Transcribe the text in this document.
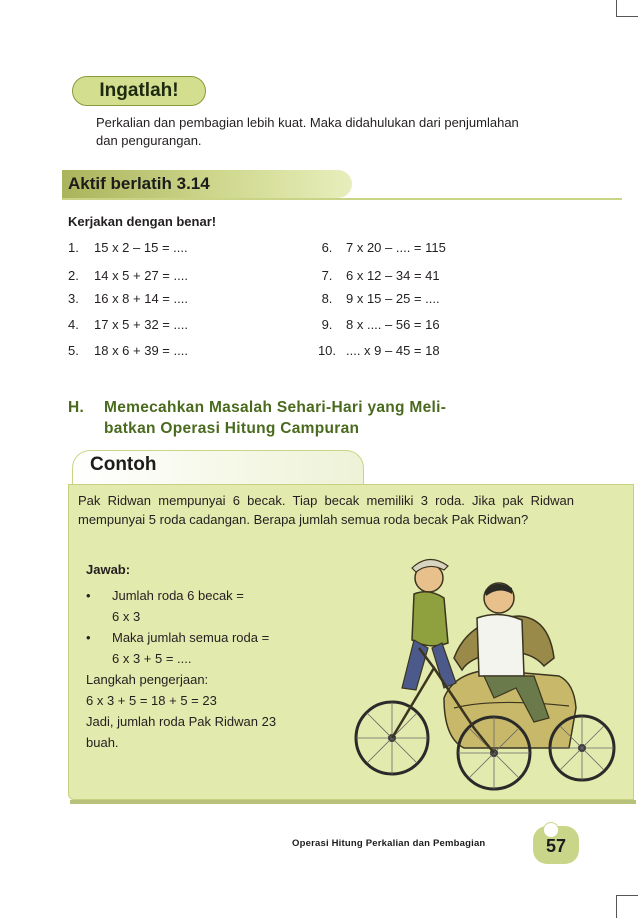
Ingatlah!
Perkalian dan pembagian lebih kuat. Maka didahulukan dari penjumlahan dan pengurangan.
Aktif berlatih 3.14
Kerjakan dengan benar!
1. 15 x 2 – 15 = ....
2. 14 x 5 + 27 = ....
3. 16 x 8 + 14 = ....
4. 17 x 5 + 32 = ....
5. 18 x 6 + 39 = ....
6. 7 x 20 – .... = 115
7. 6 x 12 – 34 = 41
8. 9 x 15 – 25 = ....
9. 8 x .... – 56 = 16
10. .... x 9 – 45 = 18
H. Memecahkan Masalah Sehari-Hari yang Meli-
batkan Operasi Hitung Campuran
Contoh
Pak Ridwan mempunyai 6 becak. Tiap becak memiliki 3 roda. Jika pak Ridwan mempunyai 5 roda cadangan. Berapa jumlah semua roda becak Pak Ridwan?
Jawab:
• Jumlah roda 6 becak =
6 x 3
• Maka jumlah semua roda =
6 x 3 + 5 = ....
Langkah pengerjaan:
6 x 3 + 5 = 18 + 5 = 23
Jadi, jumlah roda Pak Ridwan 23
buah.
Operasi Hitung Perkalian dan Pembagian	57
